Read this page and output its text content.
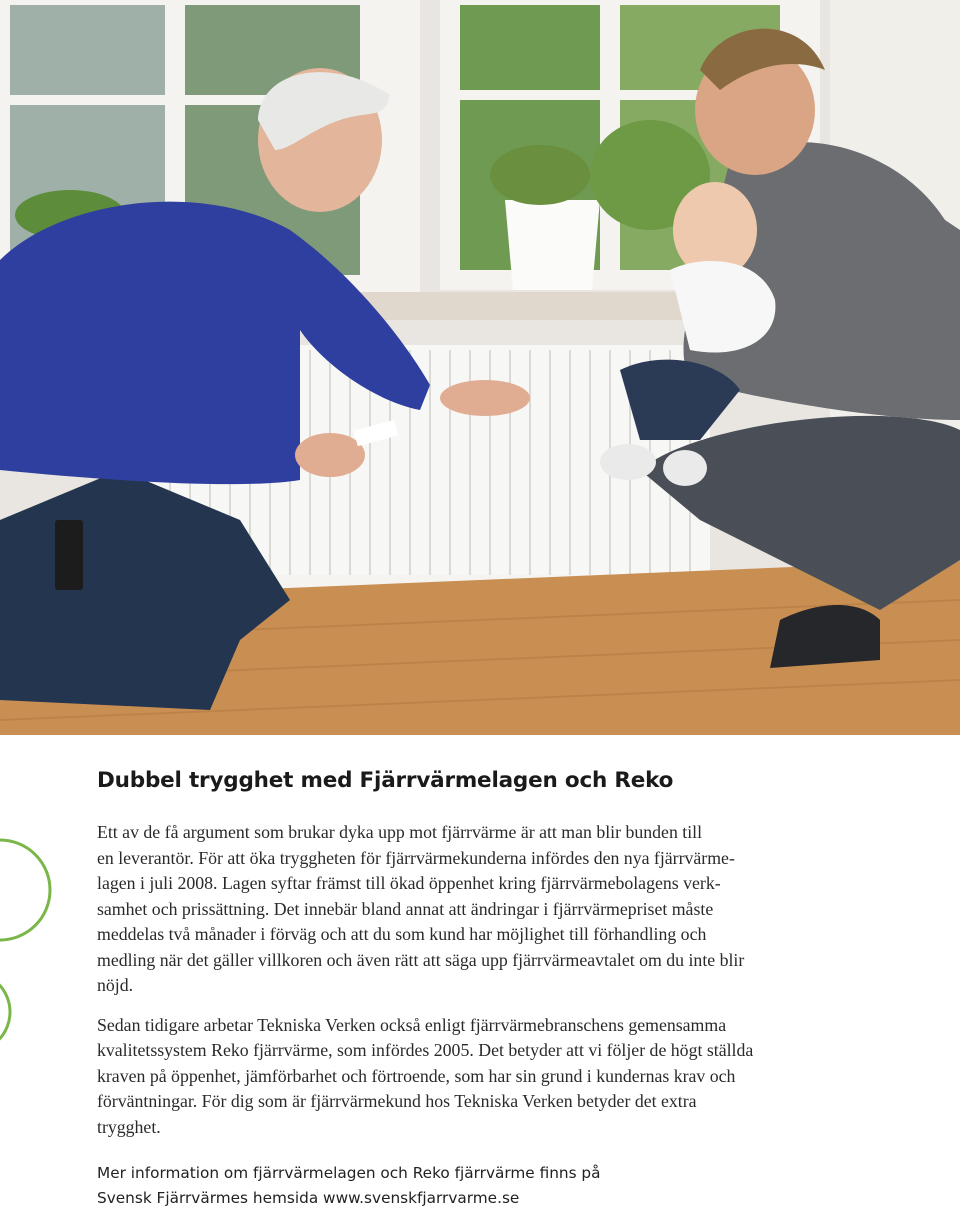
Dubbel trygghet med Fjärrvärmelagen och Reko

Ett av de få argument som brukar dyka upp mot fjärrvärme är att man blir bunden till
en leverantör. För att öka tryggheten för fjärrvärmekunderna infördes den nya fjärrvärme-
lagen i juli 2008. Lagen syftar främst till ökad öppenhet kring fjärrvärmebolagens verk-
samhet och prissättning. Det innebär bland annat att ändringar i fjärrvärmepriset måste
meddelas två månader i förväg och att du som kund har möjlighet till förhandling och
medling när det gäller villkoren och även rätt att säga upp fjärrvärmeavtalet om du inte blir
nöjd.

Sedan tidigare arbetar Tekniska Verken också enligt fjärrvärmebranschens gemensamma
kvalitetssystem Reko fjärrvärme, som infördes 2005. Det betyder att vi följer de högt ställda
kraven på öppenhet, jämförbarhet och förtroende, som har sin grund i kundernas krav och
förväntningar. För dig som är fjärrvärmekund hos Tekniska Verken betyder det extra
trygghet.

Mer information om fjärrvärmelagen och Reko fjärrvärme finns på
Svensk Fjärrvärmes hemsida www.svenskfjarrvarme.se
